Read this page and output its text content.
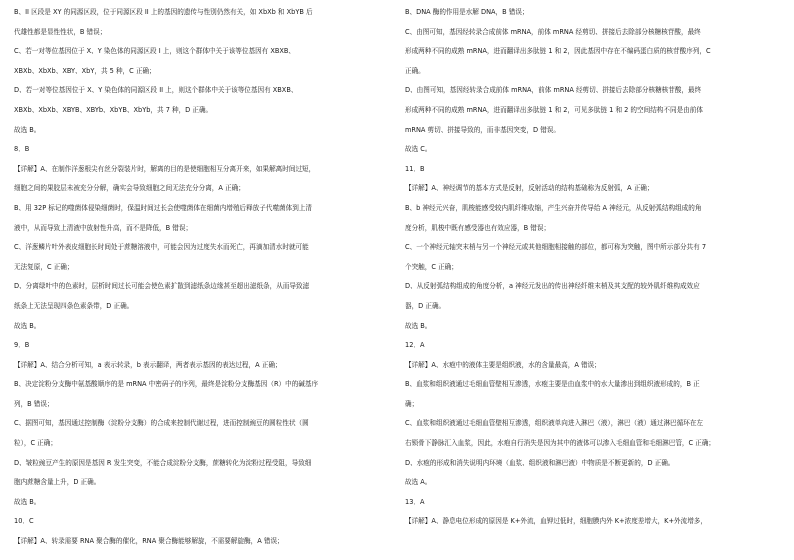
B、II 区段是 XY 的同源区段，位于同源区段 II 上的基因的遗传与性别仍然有关，如 XbXb 和 XbYB 后
代雄性都是显性性状，B 错误；
C、若一对等位基因位于 X、Y 染色体的同源区段 I 上，则这个群体中关于该等位基因有 XBXB、
XBXb、XbXb、XBY、XbY，共 5 种，C 正确；
D、若一对等位基因位于 X、Y 染色体的同源区段 II 上，则这个群体中关于该等位基因有 XBXB、
XBXb、XbXb、XBYB、XBYb、XbYB、XbYb，共 7 种，D 正确。
故选 B。
8．B
【详解】A、在制作洋葱根尖有丝分裂装片时，解离的目的是使细胞相互分离开来，如果解离时间过短，
细胞之间的果胶层未被充分分解，确实会导致细胞之间无法充分分离，A 正确；
B、用 32P 标记的噬菌体侵染细菌时，保温时间过长会使噬菌体在细菌内增殖后释放子代噬菌体到上清
液中，从而导致上清液中放射性升高，而不是降低，B 错误；
C、洋葱鳞片叶外表皮细胞长时间处于蔗糖溶液中，可能会因为过度失水而死亡，再滴加清水时就可能
无法复原，C 正确；
D、分离绿叶中的色素时，层析时间过长可能会使色素扩散到滤纸条边缘甚至超出滤纸条，从而导致滤
纸条上无法呈现四条色素条带，D 正确。
故选 B。
9．B
【详解】A、结合分析可知，a 表示转录，b 表示翻译，两者表示基因的表达过程，A 正确；
B、决定淀粉分支酶中氨基酸顺序的是 mRNA 中密码子的序列，最终是淀粉分支酶基因（R）中的碱基序
列，B 错误；
C、据图可知，基因通过控制酶（淀粉分支酶）的合成来控制代谢过程，进而控制豌豆的圆粒性状（圆
粒），C 正确；
D、皱粒豌豆产生的原因是基因 R 发生突变，不能合成淀粉分支酶，蔗糖转化为淀粉过程受阻，导致细
胞内蔗糖含量上升，D 正确。
故选 B。
10．C
【详解】A、转录需要 RNA 聚合酶的催化，RNA 聚合酶能够解旋，不需要解旋酶，A 错误；
B、DNA 酶的作用是水解 DNA，B 错误；
C、由图可知，基因经转录合成前体 mRNA，前体 mRNA 经剪切、拼接后去除部分核糖核苷酸，最终
形成两种不同的成熟 mRNA，进而翻译出多肽链 1 和 2，因此基因中存在不编码蛋白质的核苷酸序列，C
正确。
D、由图可知，基因经转录合成前体 mRNA，前体 mRNA 经剪切、拼接后去除部分核糖核苷酸，最终
形成两种不同的成熟 mRNA，进而翻译出多肽链 1 和 2，可见多肽链 1 和 2 的空间结构不同是由前体
mRNA 剪切、拼接导致的，而非基因突变，D 错误。
故选 C。
11．B
【详解】A、神经调节的基本方式是反射，反射活动的结构基础称为反射弧，A 正确；
B、b 神经元兴奋，肌梭能感受较内肌纤维收缩，产生兴奋并传导给 A 神经元，从反射弧结构组成的角
度分析，肌梭中既有感受器也有效应器，B 错误；
C、一个神经元轴突末梢与另一个神经元或其他细胞相接触的部位，都可称为突触，图中所示部分共有 7
个突触，C 正确；
D、从反射弧结构组成的角度分析，a 神经元发出的传出神经纤维末梢及其支配的较外肌纤维构成效应
器，D 正确。
故选 B。
12．A
【详解】A、水疱中的液体主要是组织液，水的含量最高，A 错误；
B、血浆和组织液通过毛细血管壁相互渗透，水疱主要是由血浆中的水大量渗出到组织液形成的，B 正
确；
C、血浆和组织液通过毛细血管壁相互渗透，组织液单向进入淋巴（液），淋巴（液）通过淋巴循环在左
右锁骨下静脉汇入血浆，因此，水疱自行消失是因为其中的液体可以渗入毛细血管和毛细淋巴管，C 正确；
D、水疱的形成和消失说明内环境（血浆、组织液和淋巴液）中物质是不断更新的，D 正确。
故选 A。
13．A
【详解】A、静息电位形成的原因是 K+外流，血钾过低时，细胞膜内外 K+浓度差增大，K+外流增多，
